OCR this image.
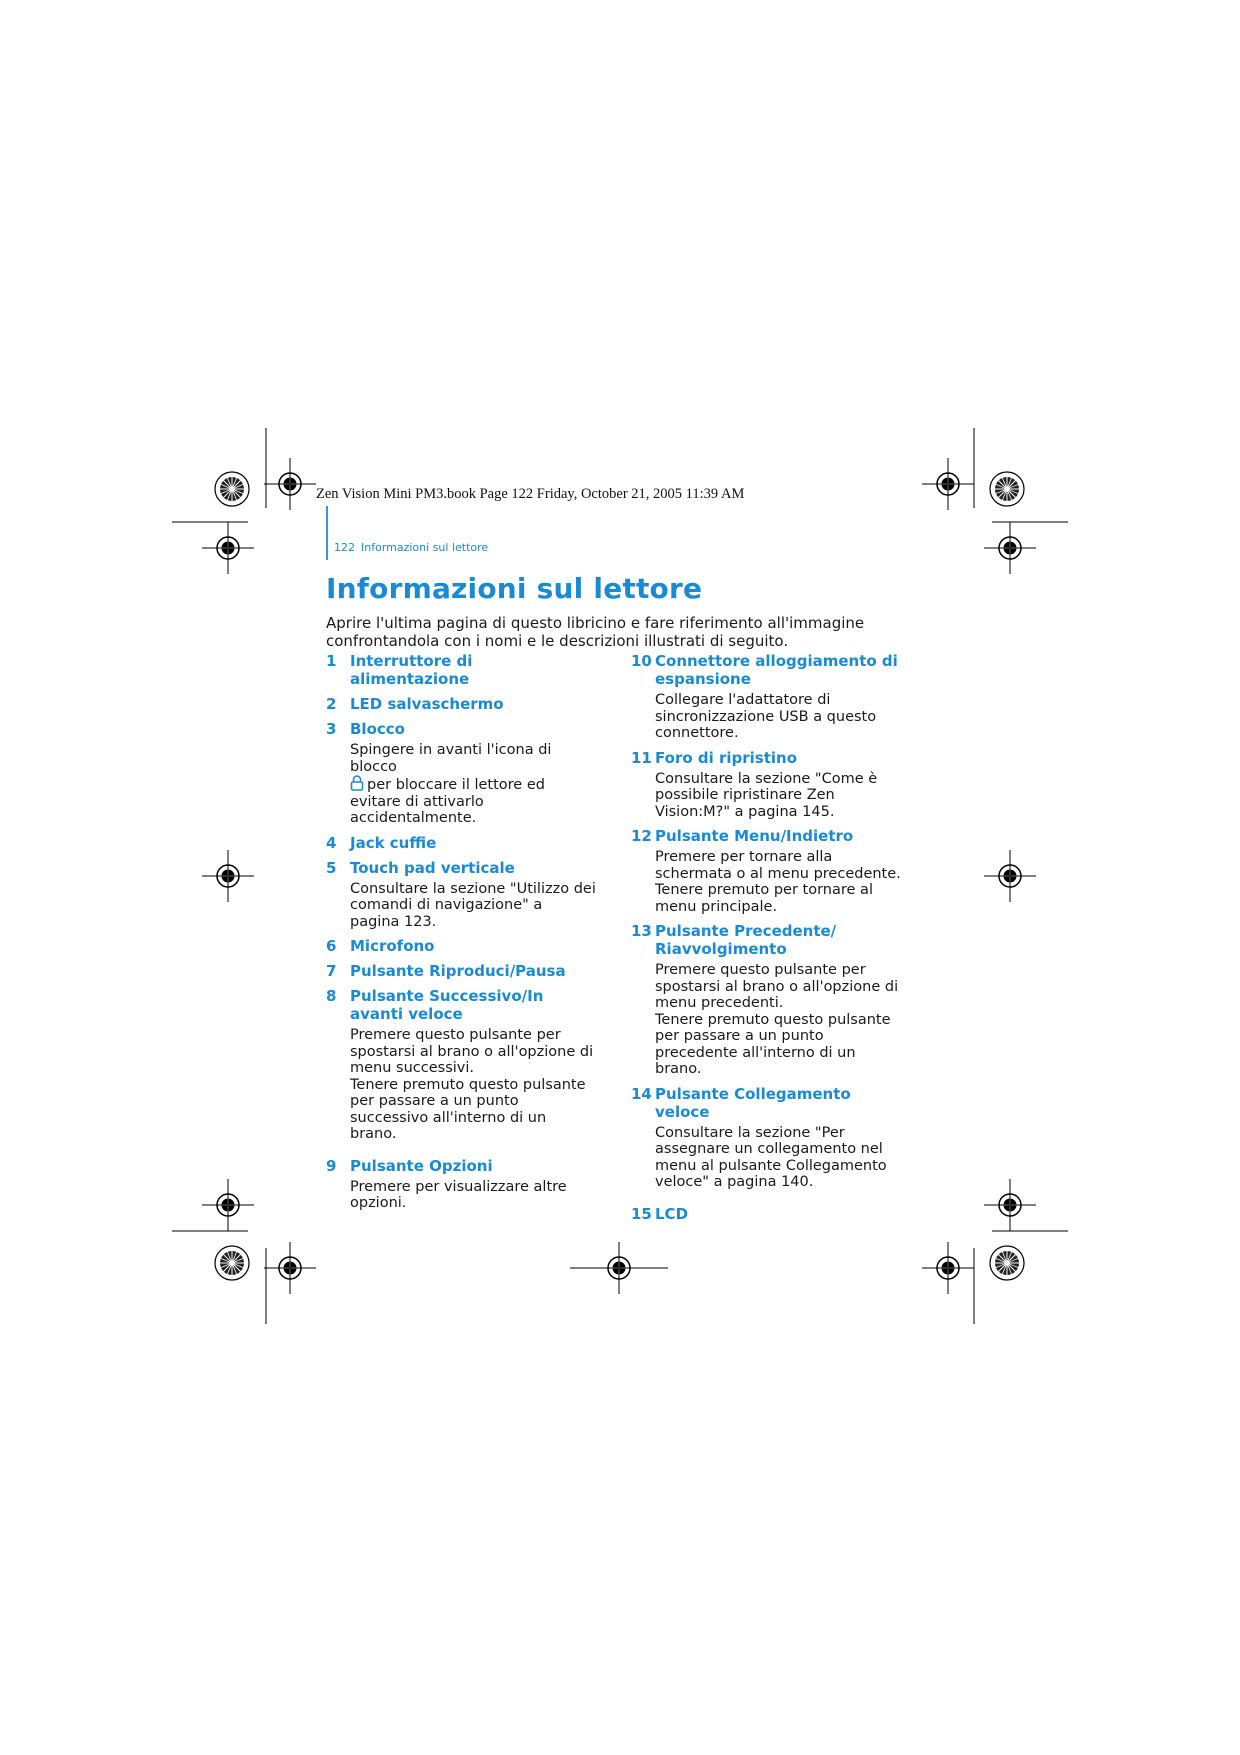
Zen Vision Mini PM3.book Page 122 Friday, October 21, 2005 11:39 AM
122 Informazioni sul lettore
Informazioni sul lettore

Aprire l'ultima pagina di questo libricino e fare riferimento all'immagine confrontandola con i nomi e le descrizioni illustrati di seguito.

1 Interruttore di alimentazione
2 LED salvaschermo
3 Blocco
Spingere in avanti l'icona di blocco
per bloccare il lettore ed evitare di attivarlo accidentalmente.
4 Jack cuffie
5 Touch pad verticale
Consultare la sezione "Utilizzo dei comandi di navigazione" a pagina 123.
6 Microfono
7 Pulsante Riproduci/Pausa
8 Pulsante Successivo/In avanti veloce
Premere questo pulsante per spostarsi al brano o all'opzione di menu successivi.
Tenere premuto questo pulsante per passare a un punto successivo all'interno di un brano.
9 Pulsante Opzioni
Premere per visualizzare altre opzioni.
10 Connettore alloggiamento di espansione
Collegare l'adattatore di sincronizzazione USB a questo connettore.
11 Foro di ripristino
Consultare la sezione "Come è possibile ripristinare Zen Vision:M?" a pagina 145.
12 Pulsante Menu/Indietro
Premere per tornare alla schermata o al menu precedente.
Tenere premuto per tornare al menu principale.
13 Pulsante Precedente/ Riavvolgimento
Premere questo pulsante per spostarsi al brano o all'opzione di menu precedenti.
Tenere premuto questo pulsante per passare a un punto precedente all'interno di un brano.
14 Pulsante Collegamento veloce
Consultare la sezione "Per assegnare un collegamento nel menu al pulsante Collegamento veloce" a pagina 140.
15 LCD
